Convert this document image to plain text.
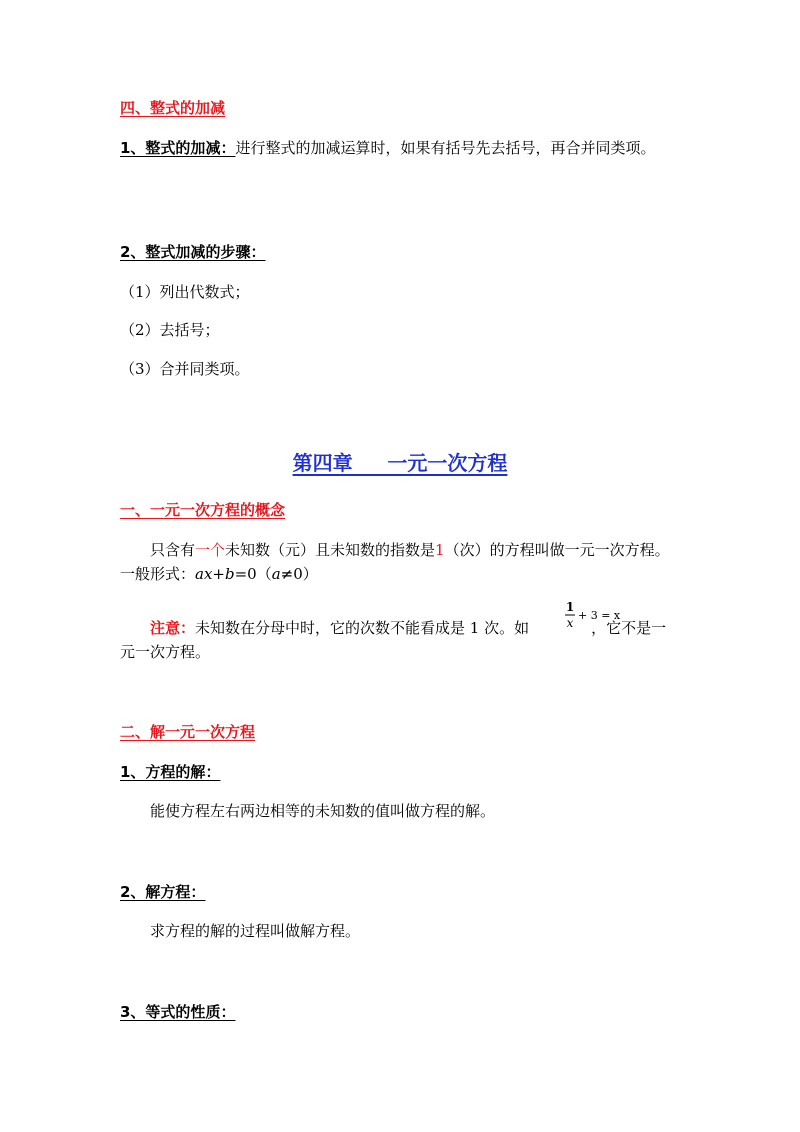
四、整式的加减
1、整式的加减：进行整式的加减运算时，如果有括号先去括号，再合并同类项。
2、整式加减的步骤：
（1）列出代数式；
（2）去括号；
（3）合并同类项。
第四章     一元一次方程
一、一元一次方程的概念
只含有一个未知数（元）且未知数的指数是1（次）的方程叫做一元一次方程。一般形式：ax+b=0（a≠0）
注意：未知数在分母中时，它的次数不能看成是 1 次。如	，它不是一元一次方程。
1
x
+ 3 = x
二、解一元一次方程
1、方程的解：
能使方程左右两边相等的未知数的值叫做方程的解。
2、解方程：
求方程的解的过程叫做解方程。
3、等式的性质：
